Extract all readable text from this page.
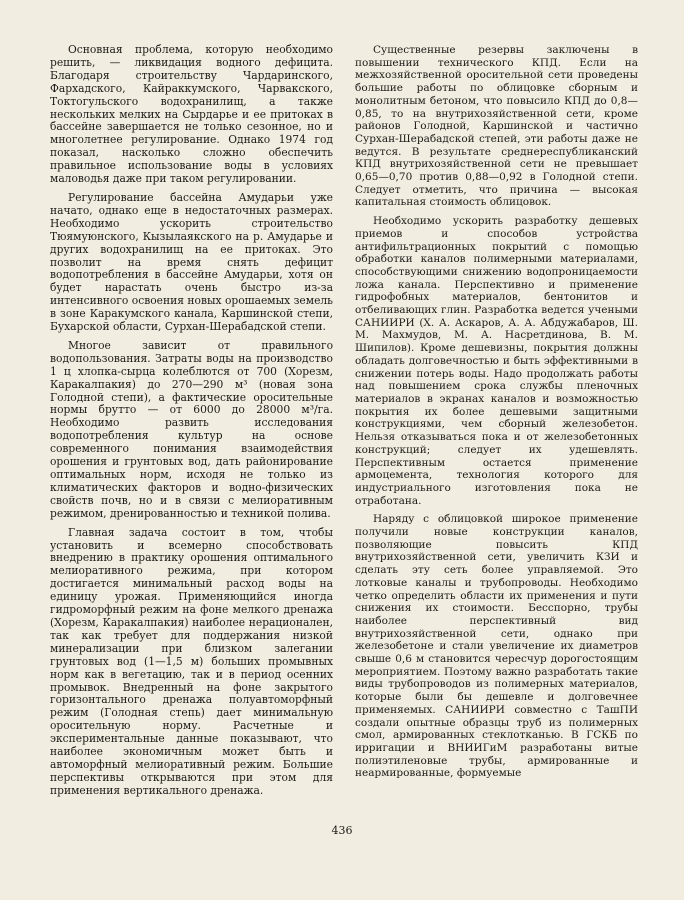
Основная проблема, которую необходимо решить, — ликвидация водного дефицита. Благодаря строительству Чардаринского, Фархадского, Кайраккумского, Чарвакского, Токтогульского водохранилищ, а также нескольких мелких на Сырдарье и ее притоках в бассейне завершается не только сезонное, но и многолетнее регулирование. Однако 1974 год показал, насколько сложно обеспечить правильное использование воды в условиях маловодья даже при таком регулировании.

Регулирование бассейна Амударьи уже начато, однако еще в недостаточных размерах. Необходимо ускорить строительство Тюямуюнского, Кызылаякского на р. Амударье и других водохранилищ на ее притоках. Это позволит на время снять дефицит водопотребления в бассейне Амударьи, хотя он будет нарастать очень быстро из-за интенсивного освоения новых орошаемых земель в зоне Каракумского канала, Каршинской степи, Бухарской области, Сурхан-Шерабадской степи.

Многое зависит от правильного водопользования. Затраты воды на производство 1 ц хлопка-сырца колеблются от 700 (Хорезм, Каракалпакия) до 270—290 м³ (новая зона Голодной степи), а фактические оросительные нормы брутто — от 6000 до 28000 м³/га. Необходимо развить исследования водопотребления культур на основе современного понимания взаимодействия орошения и грунтовых вод, дать районирование оптимальных норм, исходя не только из климатических факторов и водно-физических свойств почв, но и в связи с мелиоративным режимом, дренированностью и техникой полива.

Главная задача состоит в том, чтобы установить и всемерно способствовать внедрению в практику орошения оптимального мелиоративного режима, при котором достигается минимальный расход воды на единицу урожая. Применяющийся иногда гидроморфный режим на фоне мелкого дренажа (Хорезм, Каракалпакия) наиболее нерационален, так как требует для поддержания низкой минерализации при близком залегании грунтовых вод (1—1,5 м) больших промывных норм как в вегетацию, так и в период осенних промывок. Внедренный на фоне закрытого горизонтального дренажа полуавтоморфный режим (Голодная степь) дает минимальную оросительную норму. Расчетные и экспериментальные данные показывают, что наиболее экономичным может быть и автоморфный мелиоративный режим. Большие перспективы открываются при этом для применения вертикального дренажа.

Существенные резервы заключены в повышении технического КПД. Если на межхозяйственной оросительной сети проведены большие работы по облицовке сборным и монолитным бетоном, что повысило КПД до 0,8—0,85, то на внутрихозяйственной сети, кроме районов Голодной, Каршинской и частично Сурхан-Шерабадской степей, эти работы даже не ведутся. В результате среднереспубликанский КПД внутрихозяйственной сети не превышает 0,65—0,70 против 0,88—0,92 в Голодной степи. Следует отметить, что причина — высокая капитальная стоимость облицовок.

Необходимо ускорить разработку дешевых приемов и способов устройства антифильтрационных покрытий с помощью обработки каналов полимерными материалами, способствующими снижению водопроницаемости ложа канала. Перспективно и применение гидрофобных материалов, бентонитов и отбеливающих глин. Разработка ведется учеными САНИИРИ (Х. А. Аскаров, А. А. Абдужабаров, Ш. М. Махмудов, М. А. Насретдинова, В. М. Шипилов). Кроме дешевизны, покрытия должны обладать долговечностью и быть эффективными в снижении потерь воды. Надо продолжать работы над повышением срока службы пленочных материалов в экранах каналов и возможностью покрытия их более дешевыми защитными конструкциями, чем сборный железобетон. Нельзя отказываться пока и от железобетонных конструкций; следует их удешевлять. Перспективным остается применение армоцемента, технология которого для индустриального изготовления пока не отработана.

Наряду с облицовкой широкое применение получили новые конструкции каналов, позволяющие повысить КПД внутрихозяйственной сети, увеличить КЗИ и сделать эту сеть более управляемой. Это лотковые каналы и трубопроводы. Необходимо четко определить области их применения и пути снижения их стоимости. Бесспорно, трубы наиболее перспективный вид внутрихозяйственной сети, однако при железобетоне и стали увеличение их диаметров свыше 0,6 м становится чересчур дорогостоящим мероприятием. Поэтому важно разработать такие виды трубопроводов из полимерных материалов, которые были бы дешевле и долговечнее применяемых. САНИИРИ совместно с ТашПИ создали опытные образцы труб из полимерных смол, армированных стеклотканью. В ГСКБ по ирригации и ВНИИГиМ разработаны витые полиэтиленовые трубы, армированные и неармированные, формуемые

436
